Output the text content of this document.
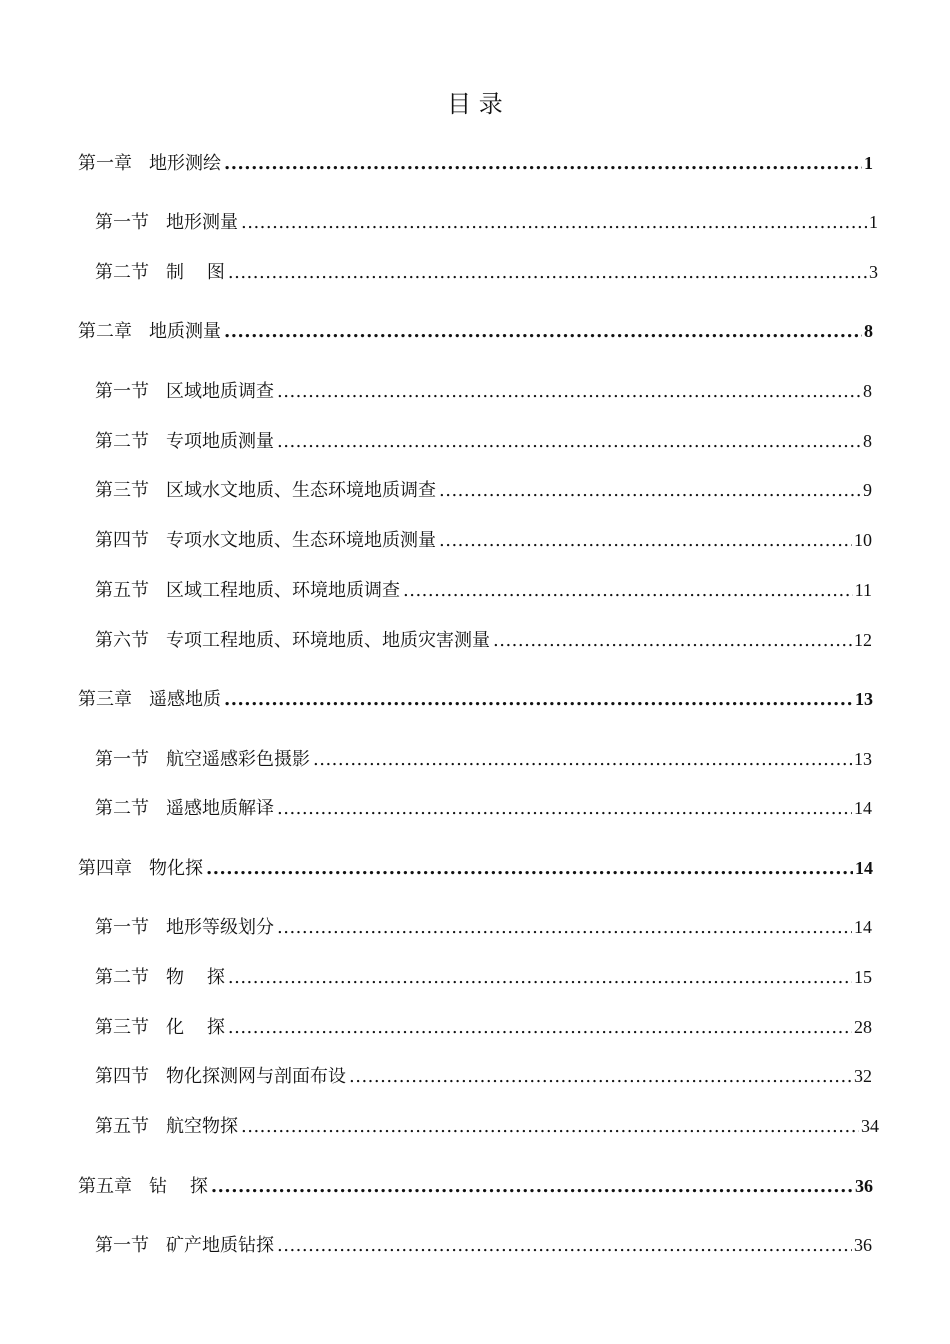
目 录
第一章 地形测绘 .....	1
第一节 地形测量 .....	1
第二节 制    图 .....	3
第二章 地质测量 .....	8
第一节 区域地质调查 .....	8
第二节 专项地质测量 .....	8
第三节 区域水文地质、生态环境地质调查 .....	9
第四节 专项水文地质、生态环境地质测量 .....	10
第五节 区域工程地质、环境地质调查 .....	11
第六节 专项工程地质、环境地质、地质灾害测量 .....	12
第三章 遥感地质 .....	13
第一节 航空遥感彩色摄影 .....	13
第二节 遥感地质解译 .....	14
第四章 物化探 .....	14
第一节 地形等级划分 .....	14
第二节 物    探 .....	15
第三节 化    探 .....	28
第四节 物化探测网与剖面布设 .....	32
第五节 航空物探 .....	34
第五章 钻    探 .....	36
第一节 矿产地质钻探 .....	36
